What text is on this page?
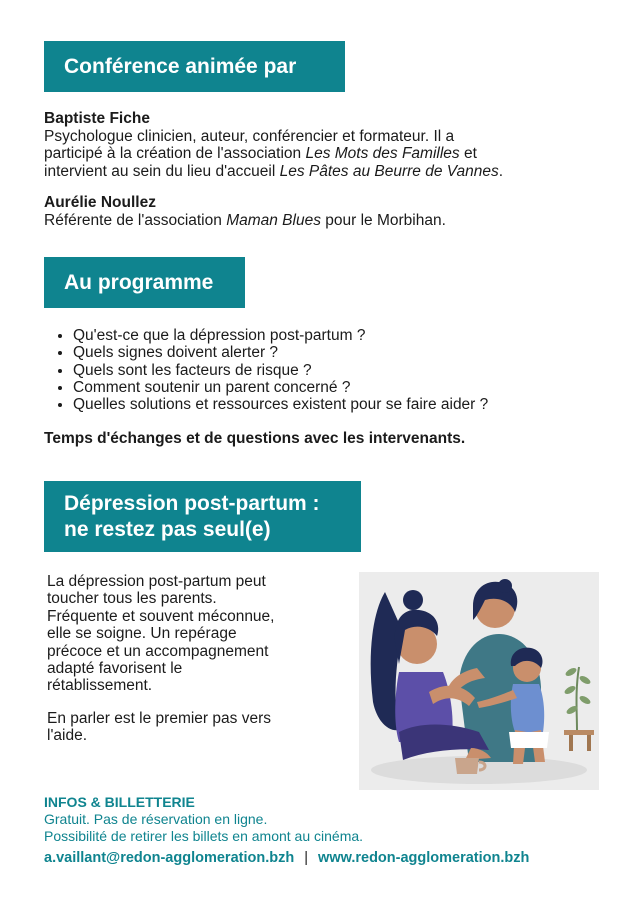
Conférence animée par
Baptiste Fiche
Psychologue clinicien, auteur, conférencier et formateur. Il a
participé à la création de l'association Les Mots des Familles et
intervient au sein du lieu d'accueil Les Pâtes au Beurre de Vannes.
Aurélie Noullez
Référente de l'association Maman Blues pour le Morbihan.
Au programme
• Qu'est-ce que la dépression post-partum ?
• Quels signes doivent alerter ?
• Quels sont les facteurs de risque ?
• Comment soutenir un parent concerné ?
• Quelles solutions et ressources existent pour se faire aider ?
Temps d'échanges et de questions avec les intervenants.
Dépression post-partum :
ne restez pas seul(e)
La dépression post-partum peut
toucher tous les parents.
Fréquente et souvent méconnue,
elle se soigne. Un repérage
précoce et un accompagnement
adapté favorisent le
rétablissement.
En parler est le premier pas vers
l'aide.
INFOS & BILLETTERIE
Gratuit. Pas de réservation en ligne.
Possibilité de retirer les billets en amont au cinéma.
a.vaillant@redon-agglomeration.bzh | www.redon-agglomeration.bzh
